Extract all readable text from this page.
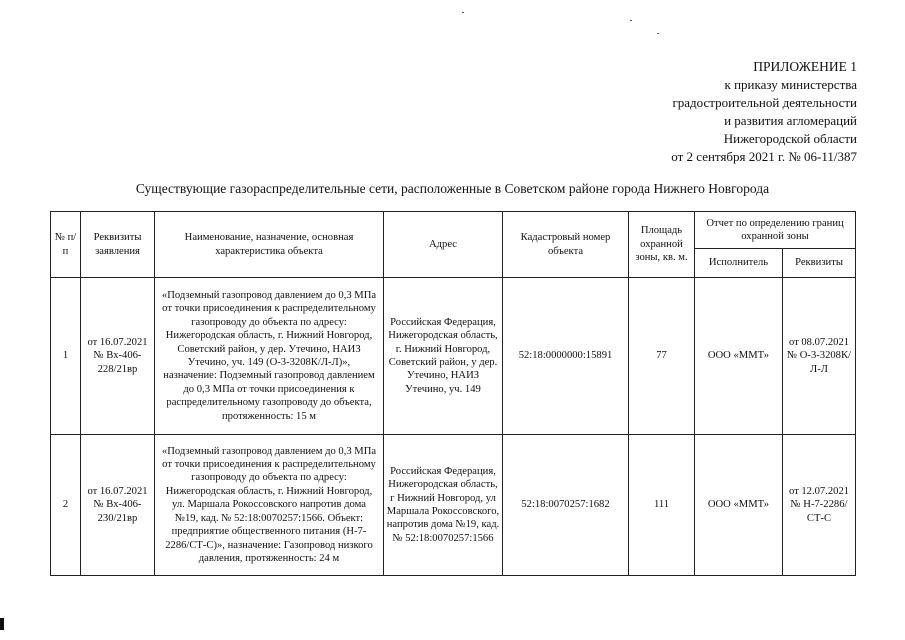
ПРИЛОЖЕНИЕ 1
к приказу министерства
градостроительной деятельности
и развития агломераций
Нижегородской области
от 2 сентября 2021 г. № 06-11/387
Существующие газораспределительные сети, расположенные в Советском районе города Нижнего Новгорода
№ п/п	Реквизиты заявления	Наименование, назначение, основная характеристика объекта	Адрес	Кадастровый номер объекта	Площадь охранной зоны, кв. м.	Отчет по определению границ охранной зоны	
						Исполнитель	Реквизиты
1	от 16.07.2021 № Вх-406-228/21вр	«Подземный газопровод давлением до 0,3 МПа от точки присоединения к распределительному газопроводу до объекта по адресу: Нижегородская область, г. Нижний Новгород, Советский район, у дер. Утечино, НАИЗ Утечино, уч. 149 (О-3-3208К/Л-Л)», назначение: Подземный газопровод давлением до 0,3 МПа от точки присоединения к распределительному газопроводу до объекта, протяженность: 15 м	Российская Федерация, Нижегородская область, г. Нижний Новгород, Советский район, у дер. Утечино, НАИЗ Утечино, уч. 149	52:18:0000000:15891	77	ООО «ММТ»	от 08.07.2021 № О-3-3208К/Л-Л
2	от 16.07.2021 № Вх-406-230/21вр	«Подземный газопровод давлением до 0,3 МПа от точки присоединения к распределительному газопроводу до объекта по адресу: Нижегородская область, г. Нижний Новгород, ул. Маршала Рокоссовского напротив дома №19, кад. № 52:18:0070257:1566. Объект: предприятие общественного питания (Н-7-2286/СТ-С)», назначение: Газопровод низкого давления, протяженность: 24 м	Российская Федерация, Нижегородская область, г Нижний Новгород, ул Маршала Рокоссовского, напротив дома №19, кад. № 52:18:0070257:1566	52:18:0070257:1682	111	ООО «ММТ»	от 12.07.2021 № Н-7-2286/СТ-С
